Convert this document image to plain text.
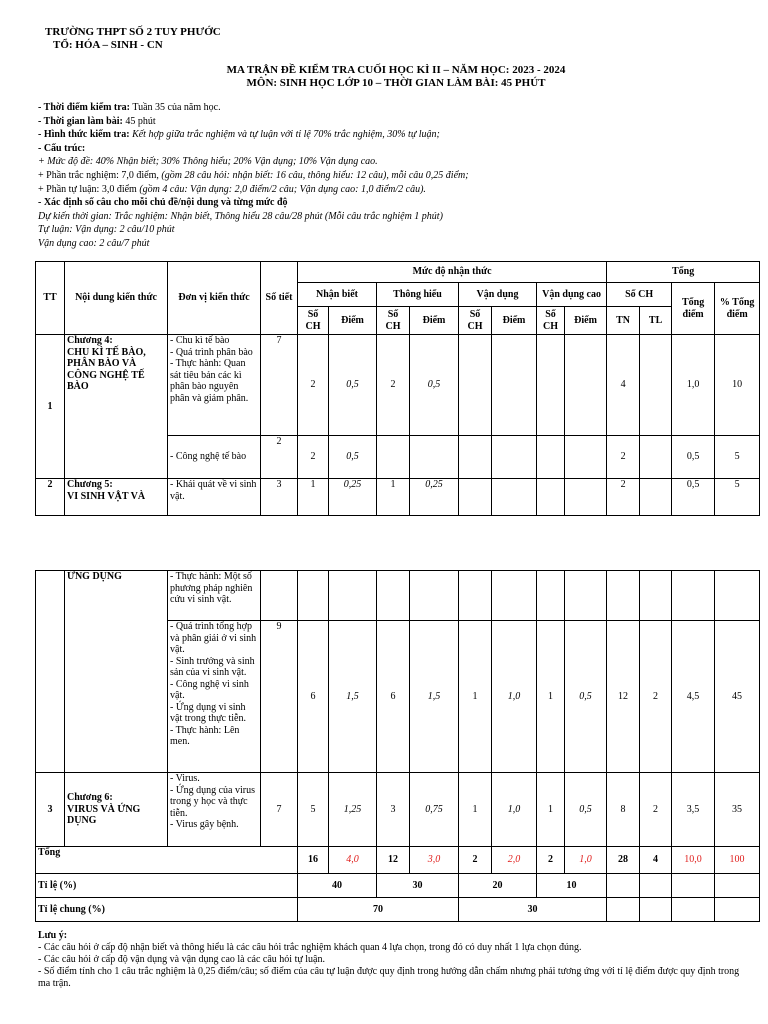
TRƯỜNG THPT SỐ 2 TUY PHƯỚC
TỔ: HÓA – SINH - CN
MA TRẬN ĐỀ KIỂM TRA CUỐI HỌC KÌ II – NĂM HỌC: 2023 - 2024
MÔN: SINH HỌC LỚP 10 – THỜI GIAN LÀM BÀI: 45 PHÚT
- Thời điểm kiểm tra: Tuần 35 của năm học.
- Thời gian làm bài: 45 phút
- Hình thức kiểm tra: Kết hợp giữa trắc nghiệm và tự luận với tỉ lệ 70% trắc nghiệm, 30% tự luận;
- Cấu trúc:
+ Mức độ đề: 40% Nhận biết; 30% Thông hiểu; 20% Vận dụng; 10% Vận dụng cao.
+ Phần trắc nghiệm: 7,0 điểm, (gồm 28 câu hỏi: nhận biết: 16 câu, thông hiểu: 12 câu), mỗi câu 0,25 điểm;
+ Phần tự luận: 3,0 điểm (gồm 4 câu: Vận dụng: 2,0 điểm/2 câu; Vận dụng cao: 1,0 điểm/2 câu).
- Xác định số câu cho mỗi chủ đề/nội dung và từng mức độ
Dự kiến thời gian: Trắc nghiệm: Nhận biết, Thông hiểu 28 câu/28 phút (Mỗi câu trắc nghiệm 1 phút)
Tự luận: Vận dụng: 2 câu/10 phút
Vận dụng cao: 2 câu/7 phút
TT	Nội dung kiến thức	Đơn vị kiến thức	Số tiết	Mức độ nhận thức								Tổng			
				Nhận biết		Thông hiểu		Vận dụng		Vận dụng cao		Số CH		Tổng điểm	% Tổng điểm
				Số CH	Điểm	Số CH	Điểm	Số CH	Điểm	Số CH	Điểm	TN	TL		
1	Chương 4:
CHU KÌ TẾ BÀO, PHÂN BÀO VÀ CÔNG NGHỆ TẾ BÀO	- Chu kì tế bào
- Quá trình phân bào
- Thực hành: Quan sát tiêu bản các kì phân bào nguyên phân và giảm phân.	7	2	0,5	2	0,5					4		1,0	10
		- Công nghệ tế bào	2	2	0,5							2		0,5	5
2	Chương 5:
VI SINH VẬT VÀ	- Khái quát về vi sinh vật.	3	1	0,25	1	0,25					2		0,5	5
	ỨNG DỤNG	- Thực hành: Một số phương pháp nghiên cứu vi sinh vật.													
		- Quá trình tổng hợp và phân giải ở vi sinh vật.
- Sinh trưởng và sinh sản của vi sinh vật.
- Công nghệ vi sinh vật.
- Ứng dụng vi sinh vật trong thực tiễn.
- Thực hành: Lên men.	9	6	1,5	6	1,5	1	1,0	1	0,5	12	2	4,5	45
3	Chương 6:
VIRUS VÀ ỨNG DỤNG	- Virus.
- Ứng dụng của virus trong y học và thực tiễn.
- Virus gây bệnh.	7	5	1,25	3	0,75	1	1,0	1	0,5	8	2	3,5	35
Tổng				16	4,0	12	3,0	2	2,0	2	1,0	28	4	10,0	100
Tỉ lệ (%)				40		30		20		10					
Tỉ lệ chung (%)				70				30							
Lưu ý:
- Các câu hỏi ở cấp độ nhận biết và thông hiểu là các câu hỏi trắc nghiệm khách quan 4 lựa chọn, trong đó có duy nhất 1 lựa chọn đúng.
- Các câu hỏi ở cấp độ vận dụng và vận dụng cao là các câu hỏi tự luận.
- Số điểm tính cho 1 câu trắc nghiệm là 0,25 điểm/câu; số điểm của câu tự luận được quy định trong hướng dẫn chấm nhưng phải tương ứng với tỉ lệ điểm được quy định trong ma trận.
